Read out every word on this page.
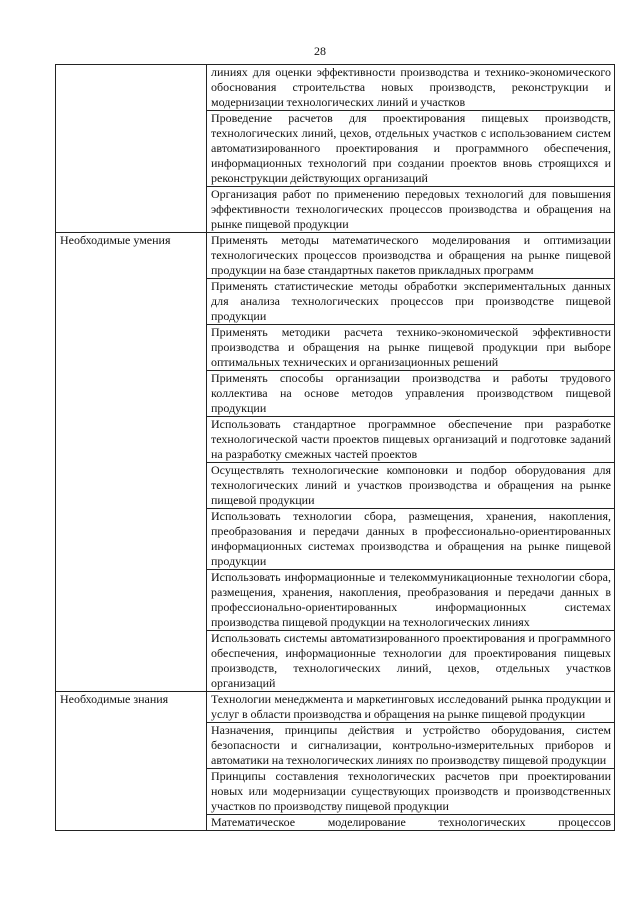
28
	линиях для оценки эффективности производства и технико-экономического обоснования строительства новых производств, реконструкции и модернизации технологических линий и участков
	Проведение расчетов для проектирования пищевых производств, технологических линий, цехов, отдельных участков с использованием систем автоматизированного проектирования и программного обеспечения, информационных технологий при создании проектов вновь строящихся и реконструкции действующих организаций
	Организация работ по применению передовых технологий для повышения эффективности технологических процессов производства и обращения на рынке пищевой продукции
Необходимые умения	Применять методы математического моделирования и оптимизации технологических процессов производства и обращения на рынке пищевой продукции на базе стандартных пакетов прикладных программ
	Применять статистические методы обработки экспериментальных данных для анализа технологических процессов при производстве пищевой продукции
	Применять методики расчета технико-экономической эффективности производства и обращения на рынке пищевой продукции при выборе оптимальных технических и организационных решений
	Применять способы организации производства и работы трудового коллектива на основе методов управления производством пищевой продукции
	Использовать стандартное программное обеспечение при разработке технологической части проектов пищевых организаций и подготовке заданий на разработку смежных частей проектов
	Осуществлять технологические компоновки и подбор оборудования для технологических линий и участков производства и обращения на рынке пищевой продукции
	Использовать технологии сбора, размещения, хранения, накопления, преобразования и передачи данных в профессионально-ориентированных информационных системах производства и обращения на рынке пищевой продукции
	Использовать информационные и телекоммуникационные технологии сбора, размещения, хранения, накопления, преобразования и передачи данных в профессионально-ориентированных информационных системах производства пищевой продукции на технологических линиях
	Использовать системы автоматизированного проектирования и программного обеспечения, информационные технологии для проектирования пищевых производств, технологических линий, цехов, отдельных участков организаций
Необходимые знания	Технологии менеджмента и маркетинговых исследований рынка продукции и услуг в области производства и обращения на рынке пищевой продукции
	Назначения, принципы действия и устройство оборудования, систем безопасности и сигнализации, контрольно-измерительных приборов и автоматики на технологических линиях по производству пищевой продукции
	Принципы составления технологических расчетов при проектировании новых или модернизации существующих производств и производственных участков по производству пищевой продукции
	Математическое моделирование технологических процессов
